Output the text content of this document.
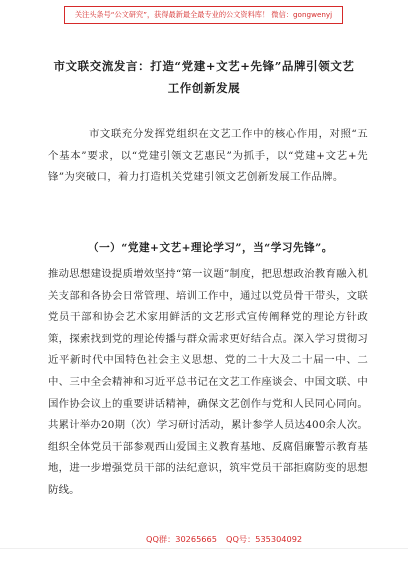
关注头条号“公文研究”，获得最新最全最专业的公文资料库！ 微信：gongwenyj
市文联交流发言：打造“党建+文艺+先锋”品牌引领文艺
工作创新发展
市文联充分发挥党组织在文艺工作中的核心作用，对照“五个基本”要求，以“党建引领文艺惠民”为抓手，以“党建+文艺+先锋”为突破口，着力打造机关党建引领文艺创新发展工作品牌。
（一）“党建+文艺+理论学习”，当“学习先锋”。
推动思想建设提质增效坚持“第一议题”制度，把思想政治教育融入机关支部和各协会日常管理、培训工作中，通过以党员骨干带头，文联党员干部和协会艺术家用鲜活的文艺形式宣传阐释党的理论方针政策，探索找到党的理论传播与群众需求更好结合点。深入学习贯彻习近平新时代中国特色社会主义思想、党的二十大及二十届一中、二中、三中全会精神和习近平总书记在文艺工作座谈会、中国文联、中国作协会议上的重要讲话精神，确保文艺创作与党和人民同心同向。共累计举办20期（次）学习研讨活动，累计参学人员达400余人次。组织全体党员干部参观西山爱国主义教育基地、反腐倡廉警示教育基地，进一步增强党员干部的法纪意识，筑牢党员干部拒腐防变的思想防线。
QQ群：30265665 QQ号：535304092
